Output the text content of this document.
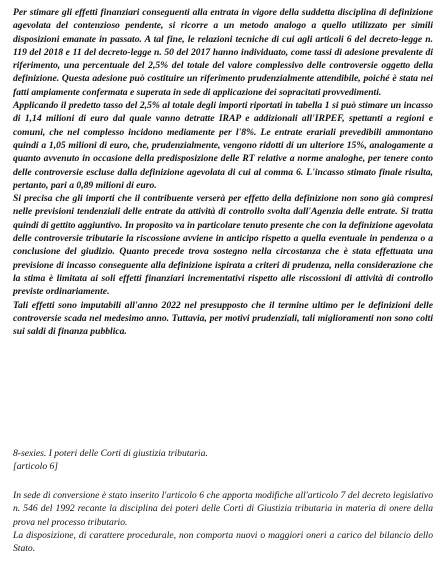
Per stimare gli effetti finanziari conseguenti alla entrata in vigore della suddetta disciplina di definizione agevolata del contenzioso pendente, si ricorre a un metodo analogo a quello utilizzato per simili disposizioni emanate in passato. A tal fine, le relazioni tecniche di cui agli articoli 6 del decreto-legge n. 119 del 2018 e 11 del decreto-legge n. 50 del 2017 hanno individuato, come tassi di adesione prevalente di riferimento, una percentuale del 2,5% del totale del valore complessivo delle controversie oggetto della definizione. Questa adesione può costituire un riferimento prudenzialmente attendibile, poiché è stata nei fatti ampiamente confermata e superata in sede di applicazione dei sopracitati provvedimenti.

Applicando il predetto tasso del 2,5% al totale degli importi riportati in tabella 1 si può stimare un incasso di 1,14 milioni di euro dal quale vanno detratte IRAP e addizionali all'IRPEF, spettanti a regioni e comuni, che nel complesso incidono mediamente per l'8%. Le entrate erariali prevedibili ammontano quindi a 1,05 milioni di euro, che, prudenzialmente, vengono ridotti di un ulteriore 15%, analogamente a quanto avvenuto in occasione della predisposizione delle RT relative a norme analoghe, per tenere conto delle controversie escluse dalla definizione agevolata di cui al comma 6. L'incasso stimato finale risulta, pertanto, pari a 0,89 milioni di euro.

Si precisa che gli importi che il contribuente verserà per effetto della definizione non sono già compresi nelle previsioni tendenziali delle entrate da attività di controllo svolta dall'Agenzia delle entrate. Si tratta quindi di gettito aggiuntivo. In proposito va in particolare tenuto presente che con la definizione agevolata delle controversie tributarie la riscossione avviene in anticipo rispetto a quella eventuale in pendenza o a conclusione del giudizio. Quanto precede trova sostegno nella circostanza che è stata effettuata una previsione di incasso conseguente alla definizione ispirata a criteri di prudenza, nella considerazione che la stima è limitata ai soli effetti finanziari incrementativi rispetto alle riscossioni di attività di controllo previste ordinariamente.

Tali effetti sono imputabili all'anno 2022 nel presupposto che il termine ultimo per le definizioni delle controversie scada nel medesimo anno. Tuttavia, per motivi prudenziali, tali miglioramenti non sono colti sui saldi di finanza pubblica.

8-sexies. I poteri delle Corti di giustizia tributaria.

[articolo 6]

In sede di conversione è stato inserito l'articolo 6 che apporta modifiche all'articolo 7 del decreto legislativo n. 546 del 1992 recante la disciplina dei poteri delle Corti di Giustizia tributaria in materia di onere della prova nel processo tributario.

La disposizione, di carattere procedurale, non comporta nuovi o maggiori oneri a carico del bilancio dello Stato.
